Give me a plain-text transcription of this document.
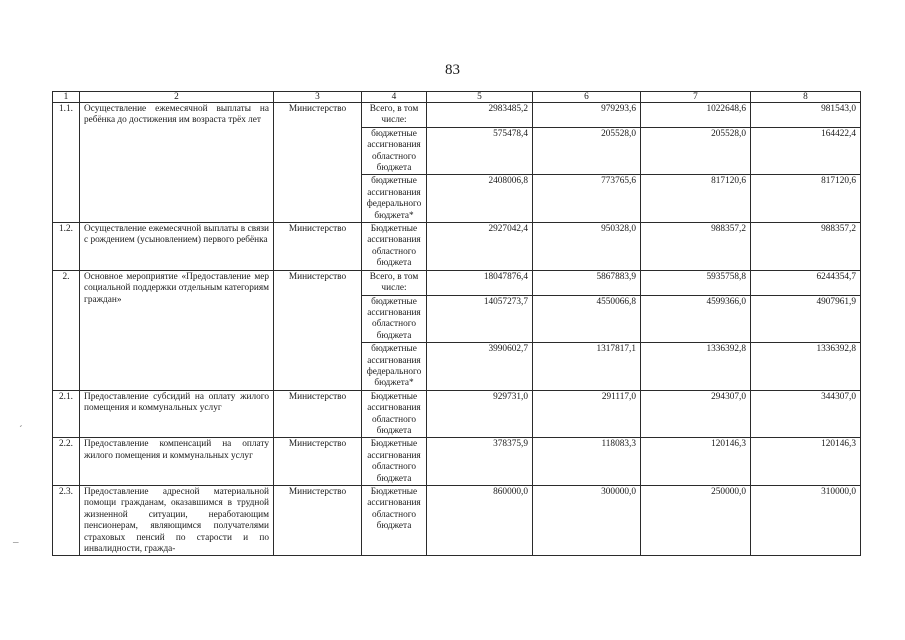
83
ˊ
–
1	2	3	4	5	6	7	8
1.1.	Осуществление ежемесячной выплаты на ребёнка до достижения им возраста трёх лет	Министерство	Всего, в том числе:	2983485,2	979293,6	1022648,6	981543,0
			бюджетные ассигнования областного бюджета	575478,4	205528,0	205528,0	164422,4
			бюджетные ассигнования федерального бюджета*	2408006,8	773765,6	817120,6	817120,6
1.2.	Осуществление ежемесячной выплаты в связи с рождением (усыновлением) первого ребёнка	Министерство	Бюджетные ассигнования областного бюджета	2927042,4	950328,0	988357,2	988357,2
2.	Основное мероприятие «Предоставление мер социальной поддержки отдельным категориям граждан»	Министерство	Всего, в том числе:	18047876,4	5867883,9	5935758,8	6244354,7
			бюджетные ассигнования областного бюджета	14057273,7	4550066,8	4599366,0	4907961,9
			бюджетные ассигнования федерального бюджета*	3990602,7	1317817,1	1336392,8	1336392,8
2.1.	Предоставление субсидий на оплату жилого помещения и коммунальных услуг	Министерство	Бюджетные ассигнования областного бюджета	929731,0	291117,0	294307,0	344307,0
2.2.	Предоставление компенсаций на оплату жилого помещения и коммунальных услуг	Министерство	Бюджетные ассигнования областного бюджета	378375,9	118083,3	120146,3	120146,3
2.3.	Предоставление адресной материальной помощи гражданам, оказавшимся в трудной жизненной ситуации, неработающим пенсионерам, являющимся получателями страховых пенсий по старости и по инвалидности, гражда-	Министерство	Бюджетные ассигнования областного бюджета	860000,0	300000,0	250000,0	310000,0
